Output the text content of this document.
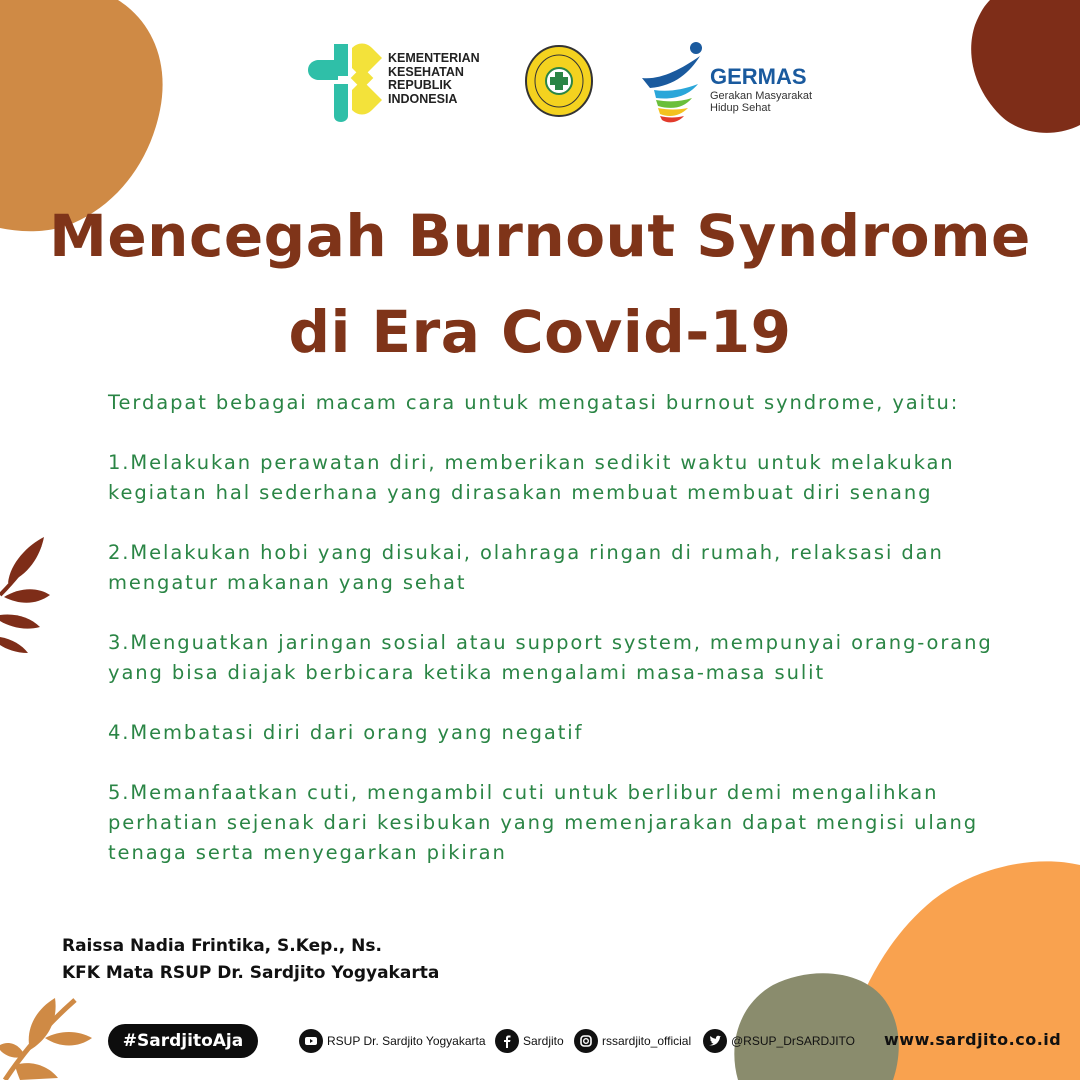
KEMENTERIAN
KESEHATAN
REPUBLIK
INDONESIA
GERMAS
Gerakan Masyarakat
Hidup Sehat
Mencegah Burnout Syndrome
di Era Covid-19

Terdapat bebagai macam cara untuk mengatasi burnout syndrome, yaitu:

1.Melakukan perawatan diri, memberikan sedikit waktu untuk melakukan kegiatan hal sederhana yang dirasakan membuat membuat diri senang

2.Melakukan hobi yang disukai, olahraga ringan di rumah, relaksasi dan mengatur makanan yang sehat

3.Menguatkan jaringan sosial atau support system, mempunyai orang-orang yang bisa diajak berbicara ketika mengalami masa-masa sulit

4.Membatasi diri dari orang yang negatif

5.Memanfaatkan cuti, mengambil cuti untuk berlibur demi mengalihkan perhatian sejenak dari kesibukan yang memenjarakan dapat mengisi ulang tenaga serta menyegarkan pikiran

Raissa Nadia Frintika, S.Kep., Ns.
KFK Mata RSUP Dr. Sardjito Yogyakarta
#SardjitoAja	RSUP Dr. Sardjito Yogyakarta	Sardjito	rssardjito_official	@RSUP_DrSARDJITO www.sardjito.co.id
